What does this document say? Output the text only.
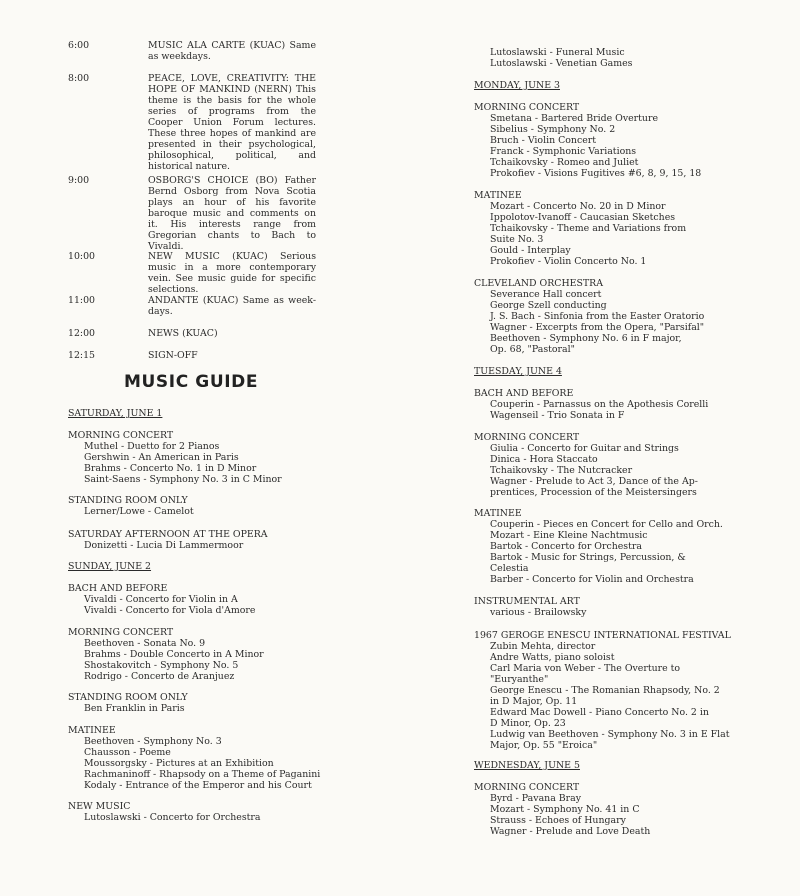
6:00	MUSIC ALA CARTE (KUAC) Same as weekdays.
8:00	PEACE, LOVE, CREATIVITY: THE HOPE OF MANKIND (NERN) This theme is the basis for the whole series of programs from the Cooper Union Forum lectures. These three hopes of mankind are presented in their psychological, philosophical, political, and historical nature.
9:00	OSBORG'S CHOICE (BO) Father Bernd Osborg from Nova Scotia plays an hour of his favorite baroque music and comments on it. His interests range from Gregorian chants to Bach to Vivaldi.
10:00	NEW MUSIC (KUAC) Serious music in a more contemporary vein. See music guide for specific selections.
11:00	ANDANTE (KUAC) Same as week-days.
12:00	NEWS (KUAC)
12:15	SIGN-OFF
MUSIC GUIDE
SATURDAY, JUNE 1
MORNING CONCERT
Muthel - Duetto for 2 Pianos
Gershwin - An American in Paris
Brahms - Concerto No. 1 in D Minor
Saint-Saens - Symphony No. 3 in C Minor
STANDING ROOM ONLY
Lerner/Lowe - Camelot
SATURDAY AFTERNOON AT THE OPERA
Donizetti - Lucia Di Lammermoor
SUNDAY, JUNE 2
BACH AND BEFORE
Vivaldi - Concerto for Violin in A
Vivaldi - Concerto for Viola d'Amore
MORNING CONCERT
Beethoven - Sonata No. 9
Brahms - Double Concerto in A Minor
Shostakovitch - Symphony No. 5
Rodrigo - Concerto de Aranjuez
STANDING ROOM ONLY
Ben Franklin in Paris
MATINEE
Beethoven - Symphony No. 3
Chausson - Poeme
Moussorgsky - Pictures at an Exhibition
Rachmaninoff - Rhapsody on a Theme of Paganini
Kodaly - Entrance of the Emperor and his Court
NEW MUSIC
Lutoslawski - Concerto for Orchestra
Lutoslawski - Funeral Music
Lutoslawski - Venetian Games
MONDAY, JUNE 3
MORNING CONCERT
Smetana - Bartered Bride Overture
Sibelius - Symphony No. 2
Bruch - Violin Concert
Franck - Symphonic Variations
Tchaikovsky - Romeo and Juliet
Prokofiev - Visions Fugitives #6, 8, 9, 15, 18
MATINEE
Mozart - Concerto No. 20 in D Minor
Ippolotov-Ivanoff - Caucasian Sketches
Tchaikovsky - Theme and Variations from
Suite No. 3
Gould - Interplay
Prokofiev - Violin Concerto No. 1
CLEVELAND ORCHESTRA
Severance Hall concert
George Szell conducting
J. S. Bach - Sinfonia from the Easter Oratorio
Wagner - Excerpts from the Opera, "Parsifal"
Beethoven - Symphony No. 6 in F major,
Op. 68, "Pastoral"
TUESDAY, JUNE 4
BACH AND BEFORE
Couperin - Parnassus on the Apothesis Corelli
Wagenseil - Trio Sonata in F
MORNING CONCERT
Giulia - Concerto for Guitar and Strings
Dinica - Hora Staccato
Tchaikovsky - The Nutcracker
Wagner - Prelude to Act 3, Dance of the Ap-
prentices, Procession of the Meistersingers
MATINEE
Couperin - Pieces en Concert for Cello and Orch.
Mozart - Eine Kleine Nachtmusic
Bartok - Concerto for Orchestra
Bartok - Music for Strings, Percussion, &
Celestia
Barber - Concerto for Violin and Orchestra
INSTRUMENTAL ART
various - Brailowsky
1967 GEROGE ENESCU INTERNATIONAL FESTIVAL
Zubin Mehta, director
Andre Watts, piano soloist
Carl Maria von Weber - The Overture to
"Euryanthe"
George Enescu - The Romanian Rhapsody, No. 2
in D Major, Op. 11
Edward Mac Dowell - Piano Concerto No. 2 in
D Minor, Op. 23
Ludwig van Beethoven - Symphony No. 3 in E Flat
Major, Op. 55 "Eroica"
WEDNESDAY, JUNE 5
MORNING CONCERT
Byrd - Pavana Bray
Mozart - Symphony No. 41 in C
Strauss - Echoes of Hungary
Wagner - Prelude and Love Death
